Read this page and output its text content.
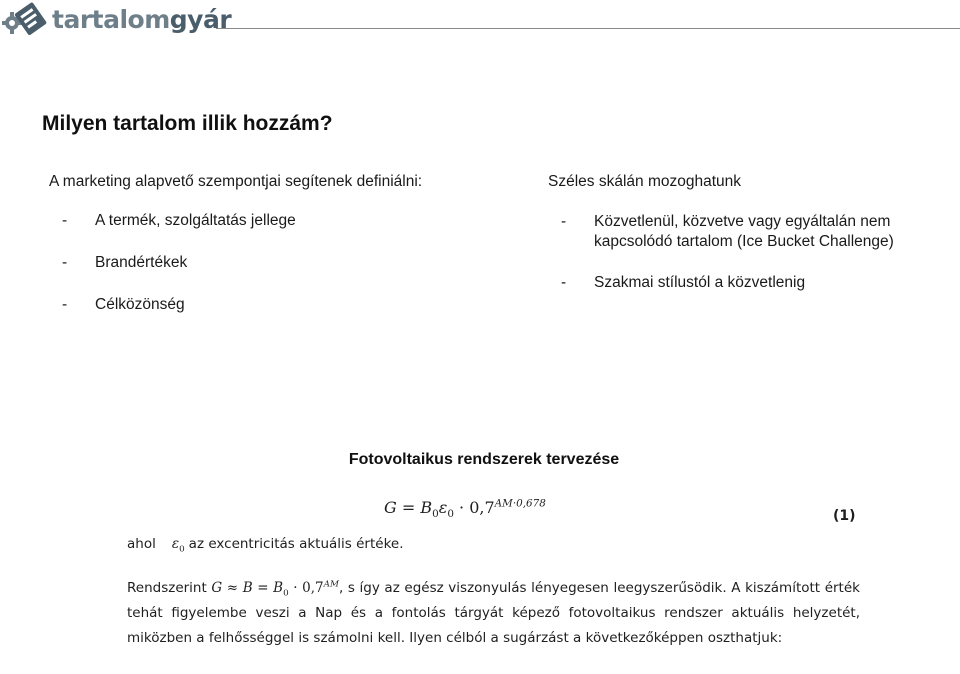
tartalomgyár
Milyen tartalom illik hozzám?
A marketing alapvető szempontjai segítenek definiálni:
- A termék, szolgáltatás jellege
- Brandértékek
- Célközönség
Széles skálán mozoghatunk
- Közvetlenül, közvetve vagy egyáltalán nem kapcsolódó tartalom (Ice Bucket Challenge)
- Szakmai stílustól a közvetlenig
Fotovoltaikus rendszerek tervezése
$G = B_0\varepsilon_0 \cdot 0,7^{AM\cdot 0,678}$
(1)
ahol $\varepsilon_0$ az excentricitás aktuális értéke.
Rendszerint $G \approx B = B_0 \cdot 0,7^{AM}$, s így az egész viszonyulás lényegesen leegyszerűsödik. A kiszámított érték tehát figyelembe veszi a Nap és a fontolás tárgyát képező fotovoltaikus rendszer aktuális helyzetét, miközben a felhősséggel is számolni kell. Ilyen célból a sugárzást a következőképpen oszthatjuk:
